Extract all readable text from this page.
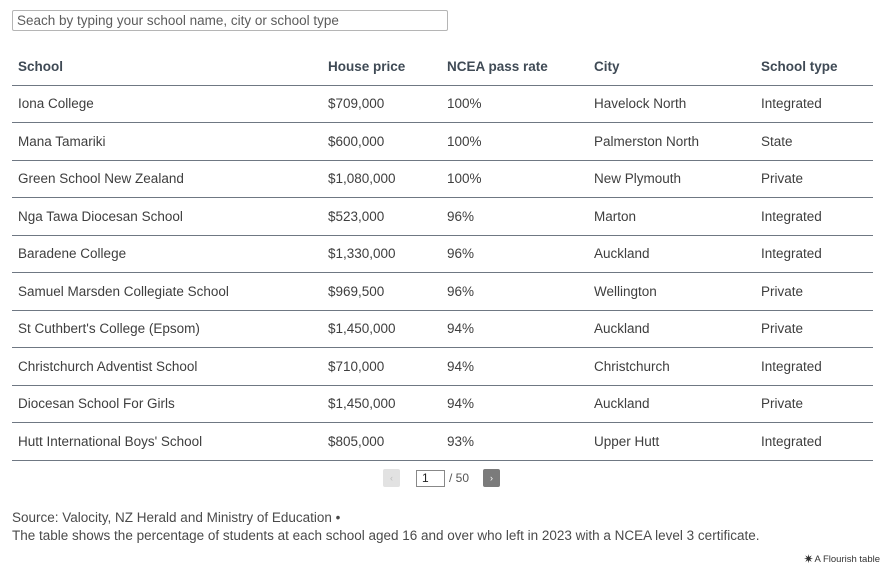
Seach by typing your school name, city or school type
School	House price	NCEA pass rate	City	School type
Iona College	$709,000	100%	Havelock North	Integrated
Mana Tamariki	$600,000	100%	Palmerston North	State
Green School New Zealand	$1,080,000	100%	New Plymouth	Private
Nga Tawa Diocesan School	$523,000	96%	Marton	Integrated
Baradene College	$1,330,000	96%	Auckland	Integrated
Samuel Marsden Collegiate School	$969,500	96%	Wellington	Private
St Cuthbert's College (Epsom)	$1,450,000	94%	Auckland	Private
Christchurch Adventist School	$710,000	94%	Christchurch	Integrated
Diocesan School For Girls	$1,450,000	94%	Auckland	Private
Hutt International Boys' School	$805,000	93%	Upper Hutt	Integrated
‹
1	/ 50 ›
Source: Valocity, NZ Herald and Ministry of Education •
The table shows the percentage of students at each school aged 16 and over who left in 2023 with a NCEA level 3 certificate.
✷ A Flourish table
